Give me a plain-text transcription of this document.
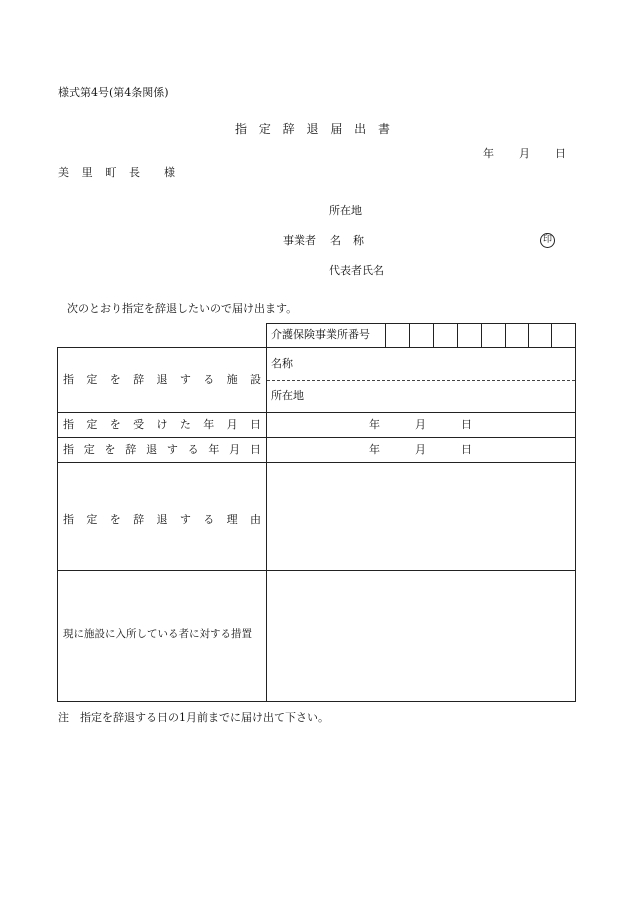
様式第4号(第4条関係)
指 定 辞 退 届 出 書
年 月 日
美 里 町 長 様
所在地
事業者 名 称	印
代表者氏名
次のとおり指定を辞退したいので届け出ます。
介護保険事業所番号
指 定 を 辞 退 す る 施 設
名称
所在地
指 定 を 受 け た 年 月 日	年	月	日
指 定 を 辞 退 す る 年 月 日	年	月	日
指 定 を 辞 退 す る 理 由
現に施設に入所している者に対する措置
注　指定を辞退する日の1月前までに届け出て下さい。
